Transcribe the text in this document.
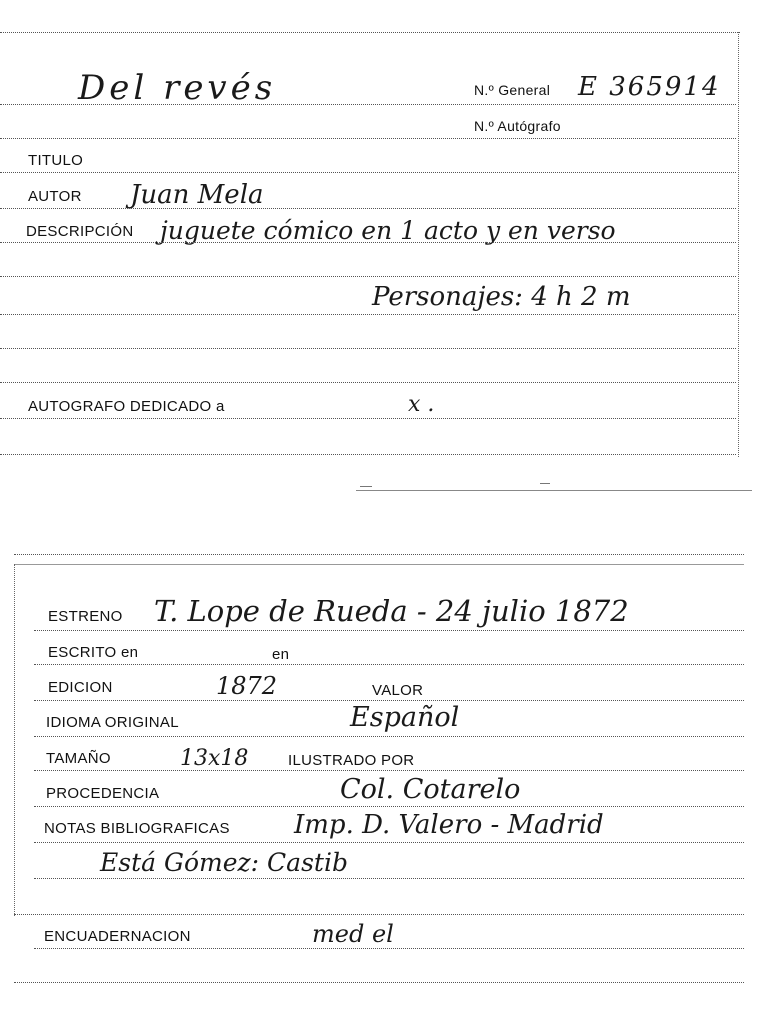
Del revés	N.º General E 365914
N.º Autógrafo
TITULO
AUTOR Juan Mela
DESCRIPCIÓN juguete cómico en 1 acto y en verso
Personajes: 4 h 2 m
AUTOGRAFO DEDICADO a	x .
ESTRENO T. Lope de Rueda - 24 julio 1872
ESCRITO en	en
EDICION	1872	VALOR
IDIOMA ORIGINAL	Español
TAMAÑO	13x18	ILUSTRADO POR
PROCEDENCIA	Col. Cotarelo
NOTAS BIBLIOGRAFICAS Imp. D. Valero - Madrid
Está Gómez: Castib
ENCUADERNACION	med el
